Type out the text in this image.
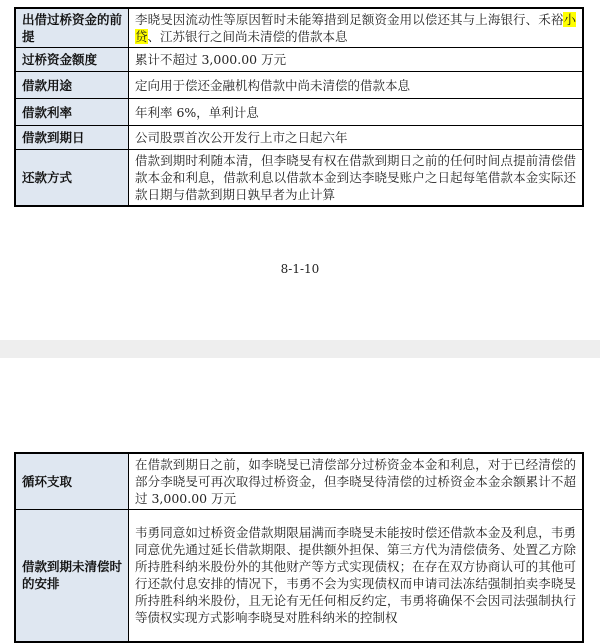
出借过桥资金的前提	李晓旻因流动性等原因暂时未能筹措到足额资金用以偿还其与上海银行、禾裕小贷、江苏银行之间尚未清偿的借款本息
过桥资金额度	累计不超过 3,000.00 万元
借款用途	定向用于偿还金融机构借款中尚未清偿的借款本息
借款利率	年利率 6%，单利计息
借款到期日	公司股票首次公开发行上市之日起六年
还款方式	借款到期时利随本清，但李晓旻有权在借款到期日之前的任何时间点提前清偿借款本金和利息，借款利息以借款本金到达李晓旻账户之日起每笔借款本金实际还款日期与借款到期日孰早者为止计算
8-1-10
循环支取	在借款到期日之前，如李晓旻已清偿部分过桥资金本金和利息，对于已经清偿的部分李晓旻可再次取得过桥资金，但李晓旻待清偿的过桥资金本金余额累计不超过 3,000.00 万元
借款到期未清偿时的安排	韦勇同意如过桥资金借款期限届满而李晓旻未能按时偿还借款本金及利息，韦勇同意优先通过延长借款期限、提供额外担保、第三方代为清偿债务、处置乙方除所持胜科纳米股份外的其他财产等方式实现债权；在存在双方协商认可的其他可行还款付息安排的情况下，韦勇不会为实现债权而申请司法冻结强制拍卖李晓旻所持胜科纳米股份，且无论有无任何相反约定，韦勇将确保不会因司法强制执行等债权实现方式影响李晓旻对胜科纳米的控制权
